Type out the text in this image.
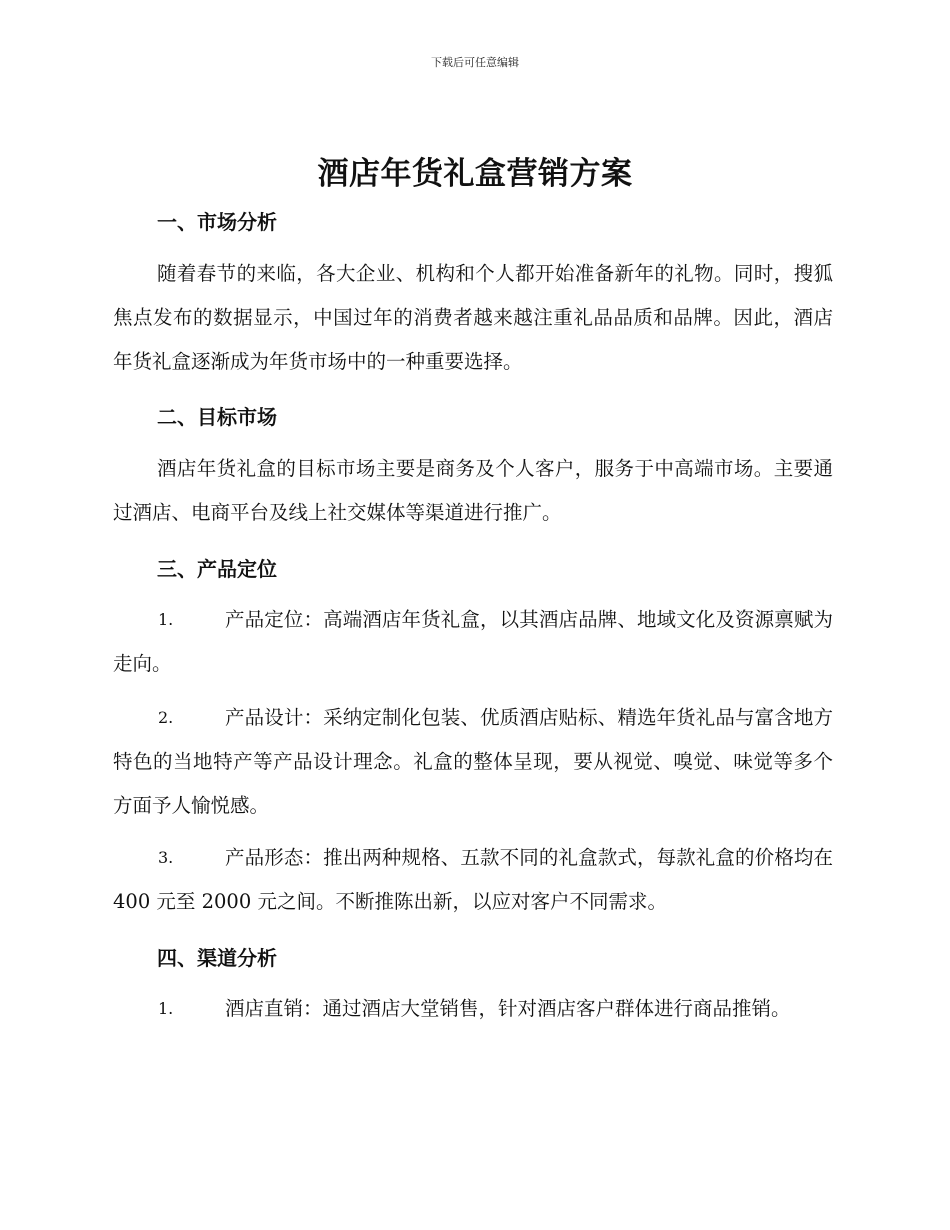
下载后可任意编辑
酒店年货礼盒营销方案
一、市场分析
随着春节的来临，各大企业、机构和个人都开始准备新年的礼物。同时，搜狐焦点发布的数据显示，中国过年的消费者越来越注重礼品品质和品牌。因此，酒店年货礼盒逐渐成为年货市场中的一种重要选择。
二、目标市场
酒店年货礼盒的目标市场主要是商务及个人客户，服务于中高端市场。主要通过酒店、电商平台及线上社交媒体等渠道进行推广。
三、产品定位
1.	产品定位：高端酒店年货礼盒，以其酒店品牌、地域文化及资源禀赋为走向。
2.	产品设计：采纳定制化包装、优质酒店贴标、精选年货礼品与富含地方特色的当地特产等产品设计理念。礼盒的整体呈现，要从视觉、嗅觉、味觉等多个方面予人愉悦感。
3.	产品形态：推出两种规格、五款不同的礼盒款式，每款礼盒的价格均在 400 元至 2000 元之间。不断推陈出新，以应对客户不同需求。
四、渠道分析
1.	酒店直销：通过酒店大堂销售，针对酒店客户群体进行商品推销。
